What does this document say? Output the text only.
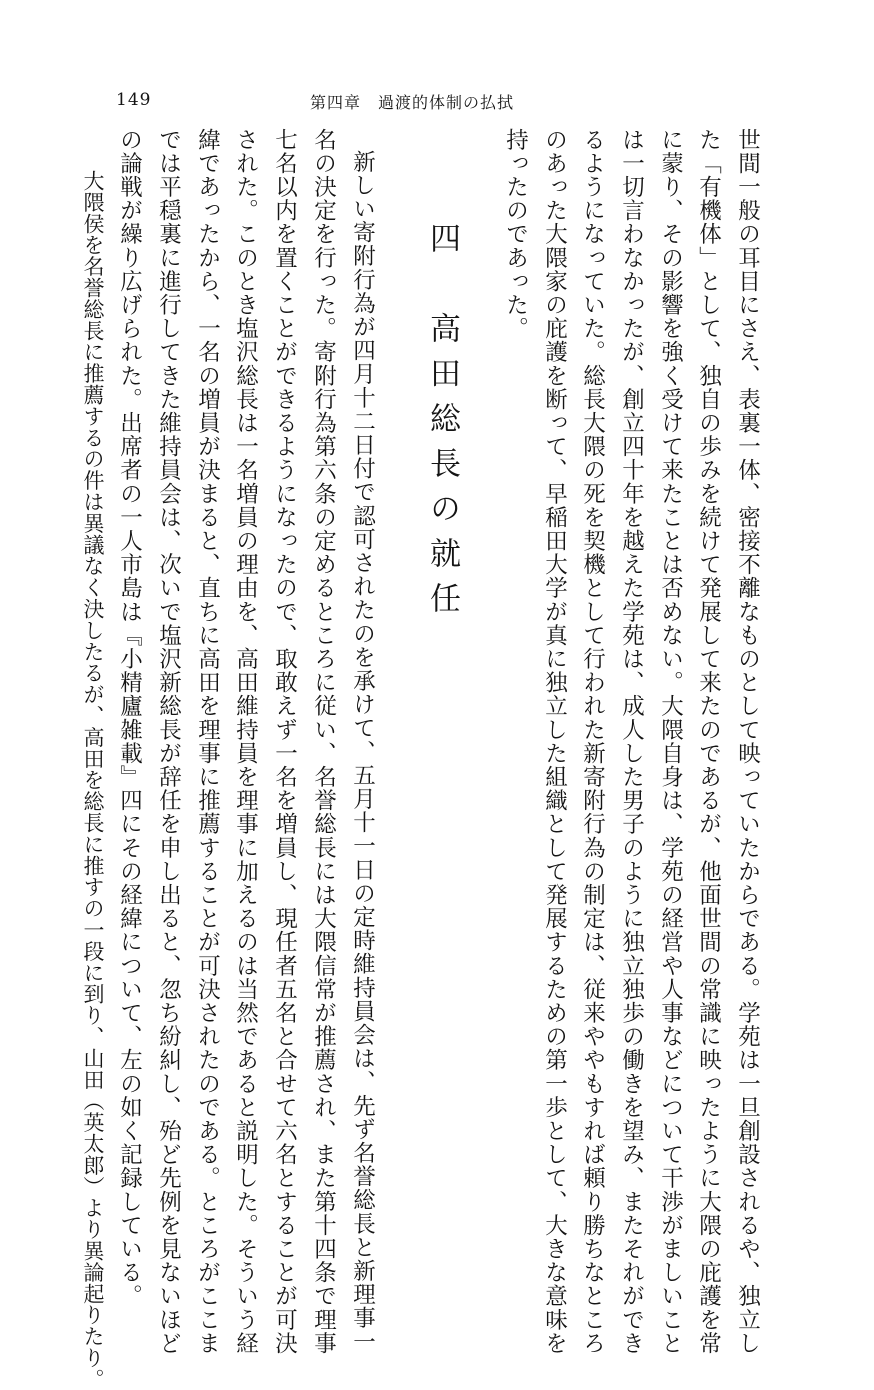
149	第四章　過渡的体制の払拭
世間一般の耳目にさえ、表裏一体、密接不離なものとして映っていたからである。学苑は一旦創設されるや、独立し
た「有機体」として、独自の歩みを続けて発展して来たのであるが、他面世間の常識に映ったように大隈の庇護を常
に蒙り、その影響を強く受けて来たことは否めない。大隈自身は、学苑の経営や人事などについて干渉がましいこと
は一切言わなかったが、創立四十年を越えた学苑は、成人した男子のように独立独歩の働きを望み、またそれができ
るようになっていた。総長大隈の死を契機として行われた新寄附行為の制定は、従来ややもすれば頼り勝ちなところ
のあった大隈家の庇護を断って、早稲田大学が真に独立した組織として発展するための第一歩として、大きな意味を
持ったのであった。
四　高田総長の就任
新しい寄附行為が四月十二日付で認可されたのを承けて、五月十一日の定時維持員会は、先ず名誉総長と新理事一
名の決定を行った。寄附行為第六条の定めるところに従い、名誉総長には大隈信常が推薦され、また第十四条で理事
七名以内を置くことができるようになったので、取敢えず一名を増員し、現任者五名と合せて六名とすることが可決
された。このとき塩沢総長は一名増員の理由を、高田維持員を理事に加えるのは当然であると説明した。そういう経
緯であったから、一名の増員が決まると、直ちに高田を理事に推薦することが可決されたのである。ところがここま
では平穏裏に進行してきた維持員会は、次いで塩沢新総長が辞任を申し出ると、忽ち紛糾し、殆ど先例を見ないほど
の論戦が繰り広げられた。出席者の一人市島は『小精廬雑載』四にその経緯について、左の如く記録している。
大隈侯を名誉総長に推薦するの件は異議なく決したるが、高田を総長に推すの一段に到り、山田（英太郎）より異論起りたり。
